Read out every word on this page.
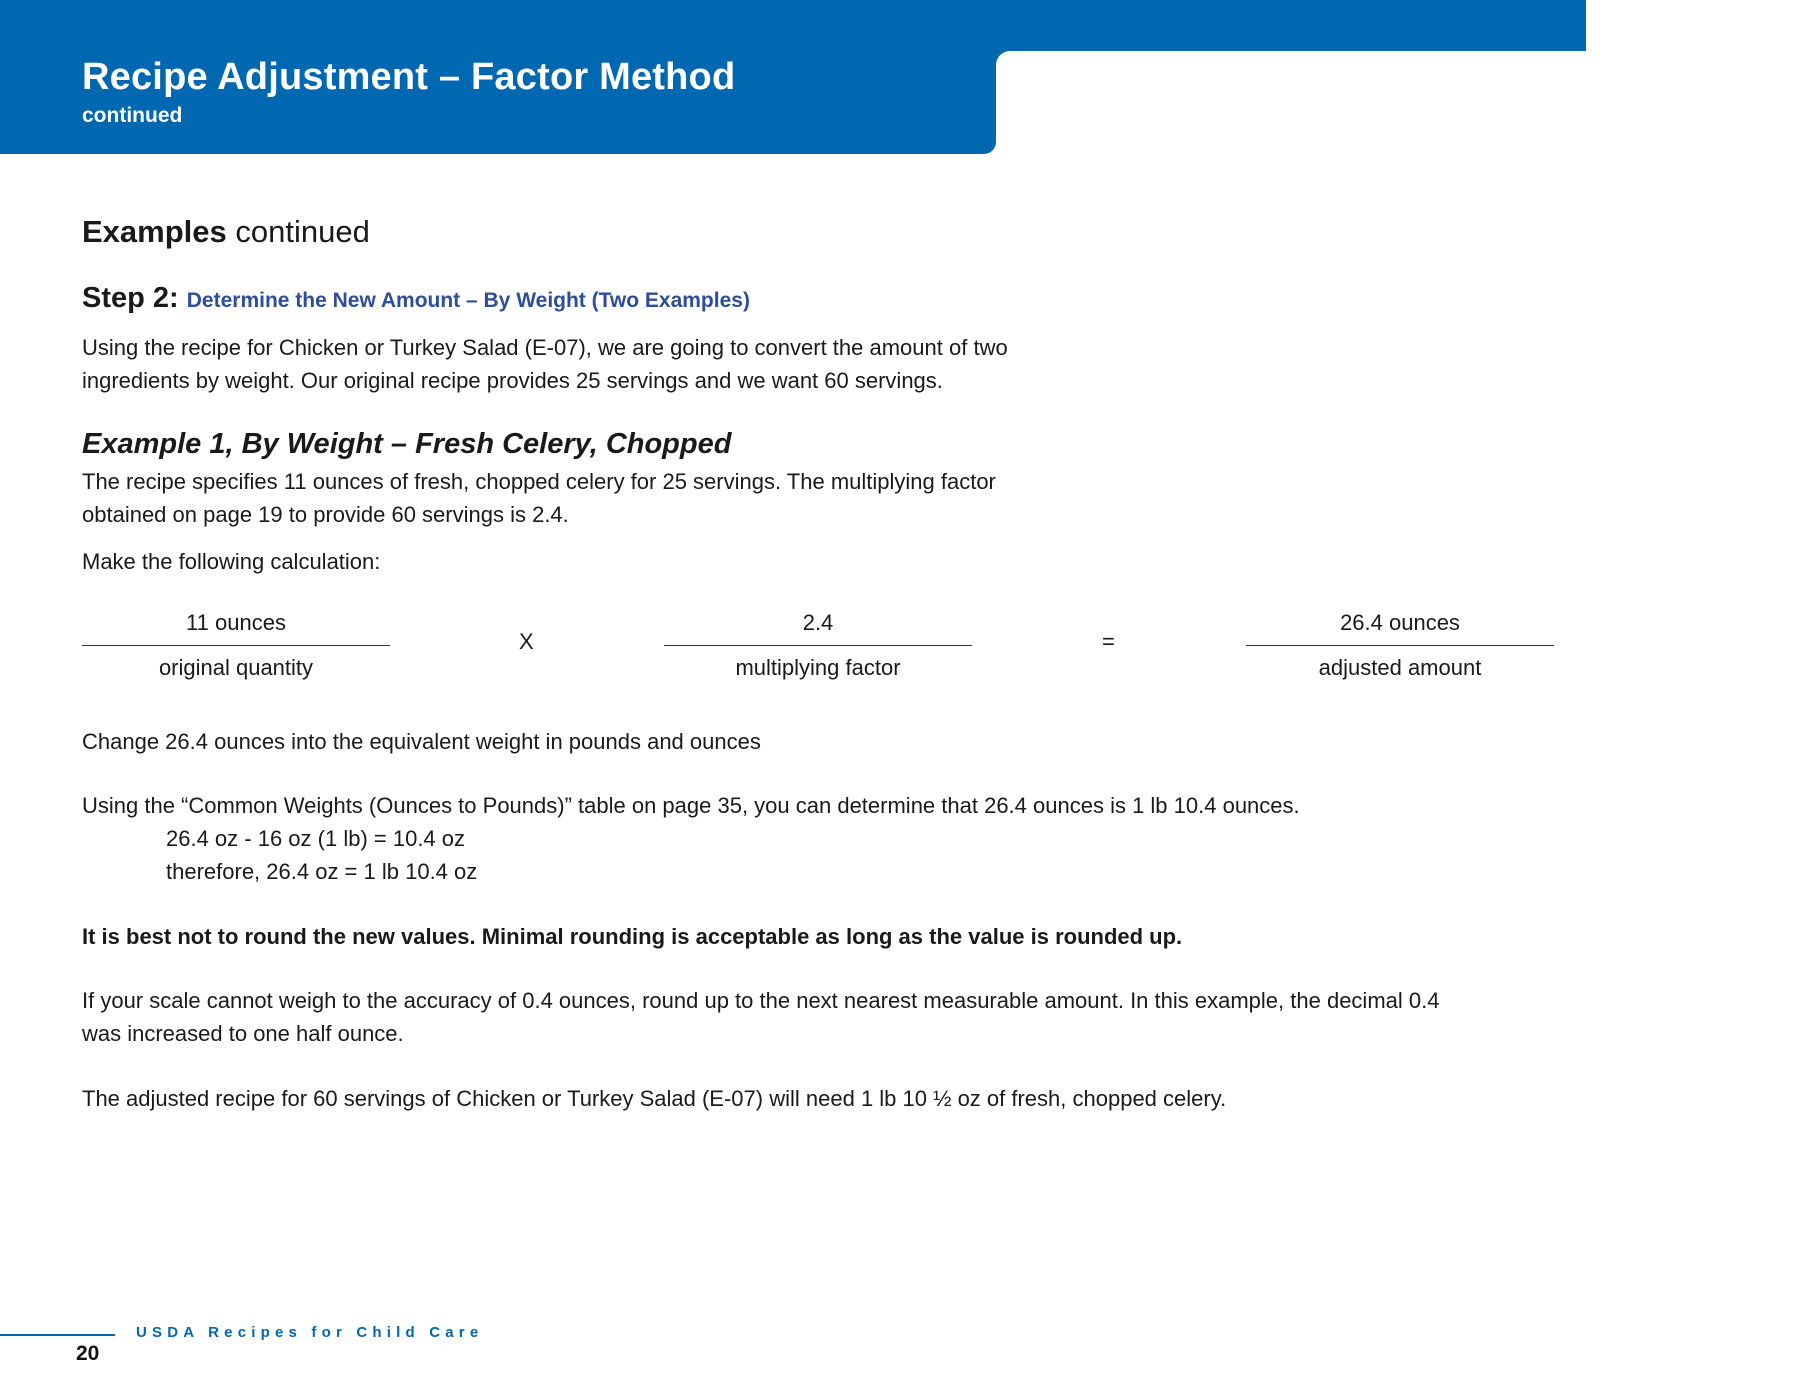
Recipe Adjustment – Factor Method

continued

Examples continued
Step 2: Determine the New Amount – By Weight (Two Examples)

Using the recipe for Chicken or Turkey Salad (E-07), we are going to convert the amount of two

ingredients by weight. Our original recipe provides 25 servings and we want 60 servings.

Example 1, By Weight – Fresh Celery, Chopped

The recipe specifies 11 ounces of fresh, chopped celery for 25 servings. The multiplying factor

obtained on page 19 to provide 60 servings is 2.4.

Make the following calculation:

11 ounces
original quantity
X
2.4
multiplying factor
=
26.4 ounces
adjusted amount

Change 26.4 ounces into the equivalent weight in pounds and ounces

Using the “Common Weights (Ounces to Pounds)” table on page 35, you can determine that 26.4 ounces is 1 lb 10.4 ounces.

26.4 oz - 16 oz (1 lb) = 10.4 oz

therefore, 26.4 oz = 1 lb 10.4 oz

It is best not to round the new values. Minimal rounding is acceptable as long as the value is rounded up.

If your scale cannot weigh to the accuracy of 0.4 ounces, round up to the next nearest measurable amount. In this example, the decimal 0.4

was increased to one half ounce.

The adjusted recipe for 60 servings of Chicken or Turkey Salad (E-07) will need 1 lb 10 ½ oz of fresh, chopped celery.

USDA Recipes for Child Care

20
